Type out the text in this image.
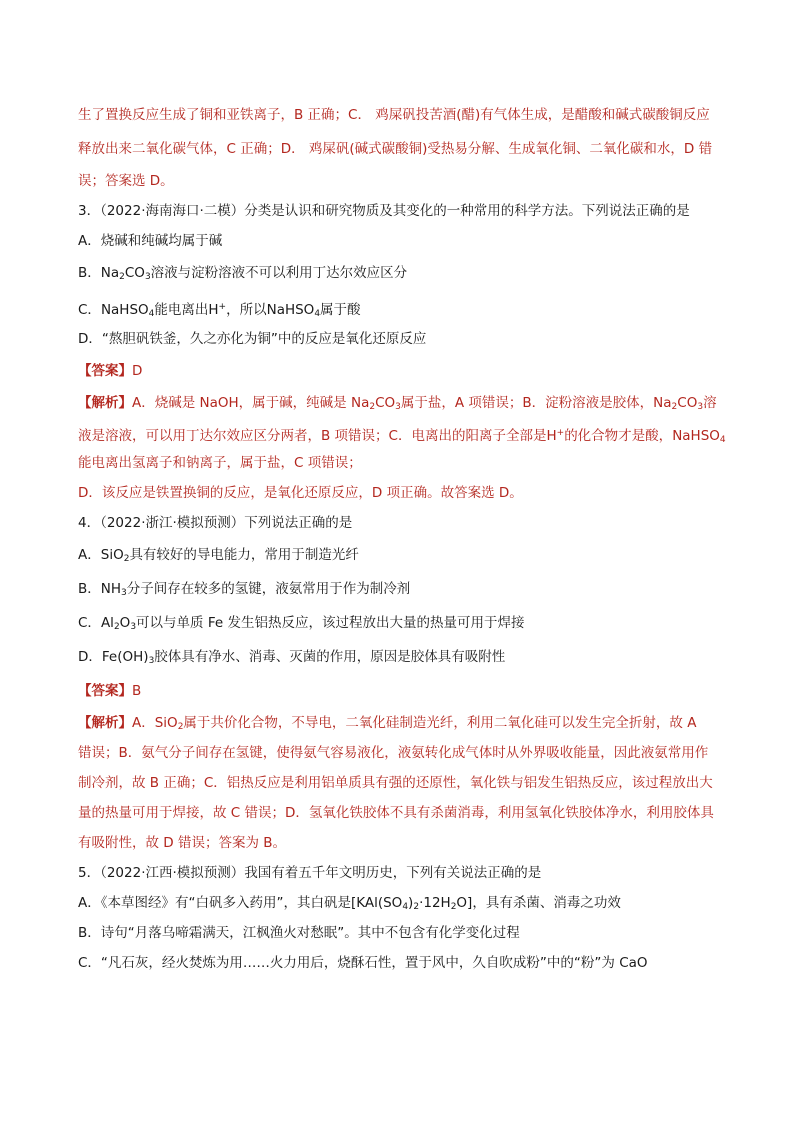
生了置换反应生成了铜和亚铁离子，B 正确；C． 鸡屎矾投苦酒(醋)有气体生成，是醋酸和碱式碳酸铜反应
释放出来二氧化碳气体，C 正确；D． 鸡屎矾(碱式碳酸铜)受热易分解、生成氧化铜、二氧化碳和水，D 错
误；答案选 D。
3．（2022·海南海口·二模）分类是认识和研究物质及其变化的一种常用的科学方法。下列说法正确的是
A．烧碱和纯碱均属于碱
B．$Na_2CO_3$溶液与淀粉溶液不可以利用丁达尔效应区分
C．NaHSO$_4$能电离出H+，所以NaHSO$_4$属于酸
D．“熬胆矾铁釜，久之亦化为铜”中的反应是氧化还原反应
【答案】D
【解析】A．烧碱是 NaOH，属于碱，纯碱是 $Na_2CO_3$属于盐，A 项错误；B．淀粉溶液是胶体，$Na_2CO_3$溶
液是溶液，可以用丁达尔效应区分两者，B 项错误；C．电离出的阳离子全部是H+的化合物才是酸，NaHSO$_4$
能电离出氢离子和钠离子，属于盐，C 项错误；
D．该反应是铁置换铜的反应，是氧化还原反应，D 项正确。故答案选 D。
4．（2022·浙江·模拟预测）下列说法正确的是
A．SiO$_2$具有较好的导电能力，常用于制造光纤
B．$NH_3$分子间存在较多的氢键，液氨常用于作为制冷剂
C．$Al_2O_3$可以与单质 Fe 发生铝热反应，该过程放出大量的热量可用于焊接
D．$Fe(OH)_3$胶体具有净水、消毒、灭菌的作用，原因是胶体具有吸附性
【答案】B
【解析】A．SiO$_2$属于共价化合物，不导电，二氧化硅制造光纤，利用二氧化硅可以发生完全折射，故 A
错误；B．氨气分子间存在氢键，使得氨气容易液化，液氨转化成气体时从外界吸收能量，因此液氨常用作
制冷剂，故 B 正确；C．铝热反应是利用铝单质具有强的还原性，氧化铁与铝发生铝热反应，该过程放出大
量的热量可用于焊接，故 C 错误；D．氢氧化铁胶体不具有杀菌消毒，利用氢氧化铁胶体净水，利用胶体具
有吸附性，故 D 错误；答案为 B。
5．（2022·江西·模拟预测）我国有着五千年文明历史，下列有关说法正确的是
A．《本草图经》有“白矾多入药用”，其白矾是$[KAl(SO_4)_2\cdot 12H_2O]$，具有杀菌、消毒之功效
B．诗句“月落乌啼霜满天，江枫渔火对愁眠”。其中不包含有化学变化过程
C．“凡石灰，经火焚炼为用……火力用后，烧酥石性，置于风中，久自吹成粉”中的“粉”为 CaO
